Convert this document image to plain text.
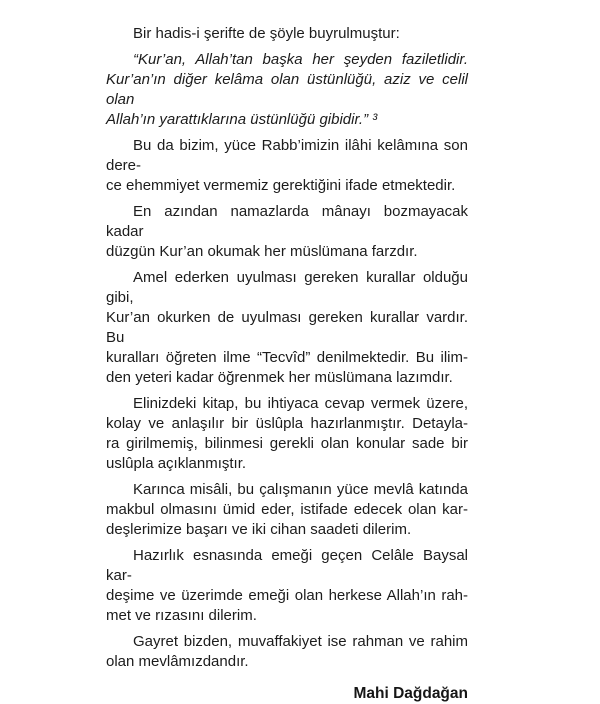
Bir hadis-i şerifte de şöyle buyrulmuştur:

“Kur’an, Allah’tan başka her şeyden faziletlidir.
Kur’an’ın diğer kelâma olan üstünlüğü, aziz ve celil olan
Allah’ın yarattıklarına üstünlüğü gibidir.” ³

Bu da bizim, yüce Rabb’imizin ilâhi kelâmına son dere-
ce ehemmiyet vermemiz gerektiğini ifade etmektedir.

En azından namazlarda mânayı bozmayacak kadar
düzgün Kur’an okumak her müslümana farzdır.

Amel ederken uyulması gereken kurallar olduğu gibi,
Kur’an okurken de uyulması gereken kurallar vardır. Bu
kuralları öğreten ilme “Tecvîd” denilmektedir. Bu ilim-
den yeteri kadar öğrenmek her müslümana lazımdır.

Elinizdeki kitap, bu ihtiyaca cevap vermek üzere,
kolay ve anlaşılır bir üslûpla hazırlanmıştır. Detayla-
ra girilmemiş, bilinmesi gerekli olan konular sade bir
uslûpla açıklanmıştır.

Karınca misâli, bu çalışmanın yüce mevlâ katında
makbul olmasını ümid eder, istifade edecek olan kar-
deşlerimize başarı ve iki cihan saadeti dilerim.

Hazırlık esnasında emeği geçen Celâle Baysal kar-
deşime ve üzerimde emeği olan herkese Allah’ın rah-
met ve rızasını dilerim.

Gayret bizden, muvaffakiyet ise rahman ve rahim
olan mevlâmızdandır.

Mahi Dağdağan
